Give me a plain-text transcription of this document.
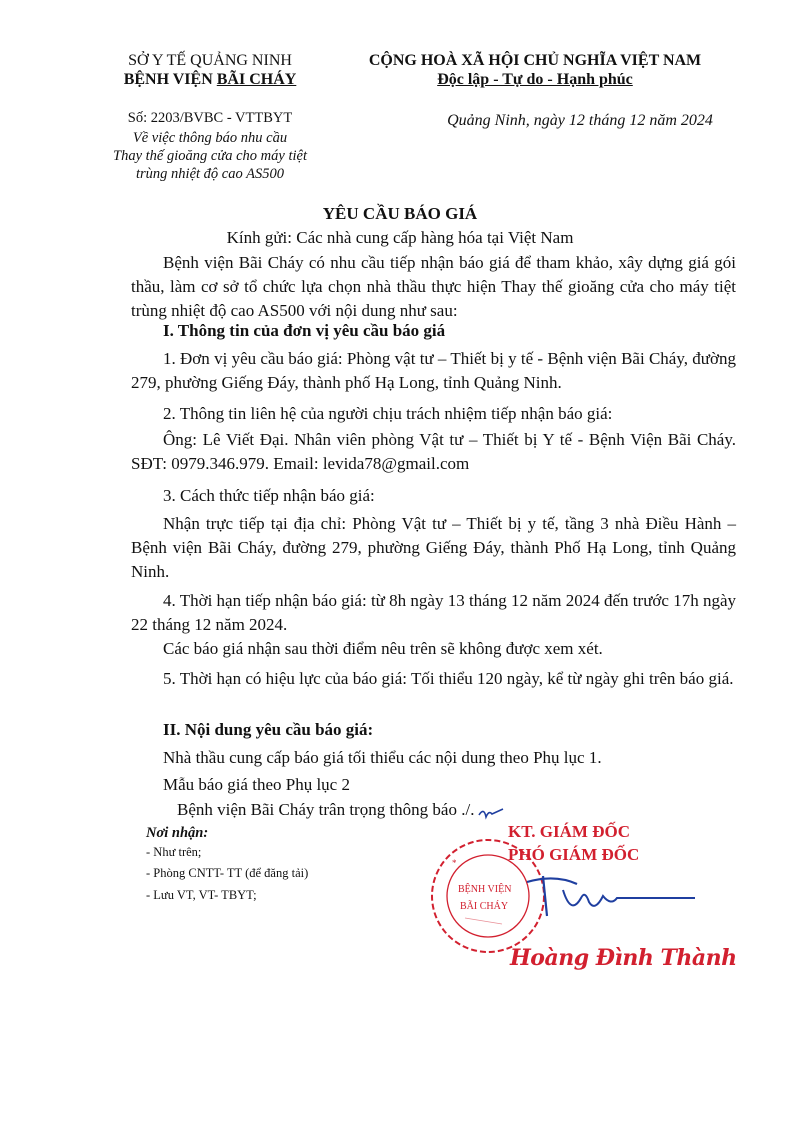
SỞ Y TẾ QUẢNG NINH
BỆNH VIỆN BÃI CHÁY
Số: 2203/BVBC - VTTBYT
Về việc thông báo nhu cầu
Thay thế gioăng cửa cho máy tiệt
trùng nhiệt độ cao AS500
CỘNG HOÀ XÃ HỘI CHỦ NGHĨA VIỆT NAM
Độc lập - Tự do - Hạnh phúc
Quảng Ninh, ngày 12 tháng 12 năm 2024
YÊU CẦU BÁO GIÁ
Kính gửi: Các nhà cung cấp hàng hóa tại Việt Nam
Bệnh viện Bãi Cháy có nhu cầu tiếp nhận báo giá để tham khảo, xây dựng giá gói thầu, làm cơ sở tổ chức lựa chọn nhà thầu thực hiện Thay thế gioăng cửa cho máy tiệt trùng nhiệt độ cao AS500 với nội dung như sau:
I. Thông tin của đơn vị yêu cầu báo giá
1. Đơn vị yêu cầu báo giá: Phòng vật tư – Thiết bị y tế - Bệnh viện Bãi Cháy, đường 279, phường Giếng Đáy, thành phố Hạ Long, tỉnh Quảng Ninh.
2. Thông tin liên hệ của người chịu trách nhiệm tiếp nhận báo giá:
Ông: Lê Viết Đại. Nhân viên phòng Vật tư – Thiết bị Y tế - Bệnh Viện Bãi Cháy. SĐT: 0979.346.979. Email: levida78@gmail.com
3. Cách thức tiếp nhận báo giá:
Nhận trực tiếp tại địa chỉ: Phòng Vật tư – Thiết bị y tế, tầng 3 nhà Điều Hành – Bệnh viện Bãi Cháy, đường 279, phường Giếng Đáy, thành Phố Hạ Long, tỉnh Quảng Ninh.
4. Thời hạn tiếp nhận báo giá: từ 8h ngày 13 tháng 12 năm 2024 đến trước 17h ngày 22 tháng 12 năm 2024.
Các báo giá nhận sau thời điểm nêu trên sẽ không được xem xét.
5. Thời hạn có hiệu lực của báo giá: Tối thiểu 120 ngày, kể từ ngày ghi trên báo giá.
II. Nội dung yêu cầu báo giá:
Nhà thầu cung cấp báo giá tối thiểu các nội dung theo Phụ lục 1.
Mẫu báo giá theo Phụ lục 2
Bệnh viện Bãi Cháy trân trọng thông báo ./.
Nơi nhận:
- Như trên;
- Phòng CNTT- TT (để đăng tải)
- Lưu VT, VT- TBYT;
KT. GIÁM ĐỐC
PHÓ GIÁM ĐỐC
BỆNH VIỆN
BÃI CHÁY
*
Hoàng Đình Thành
